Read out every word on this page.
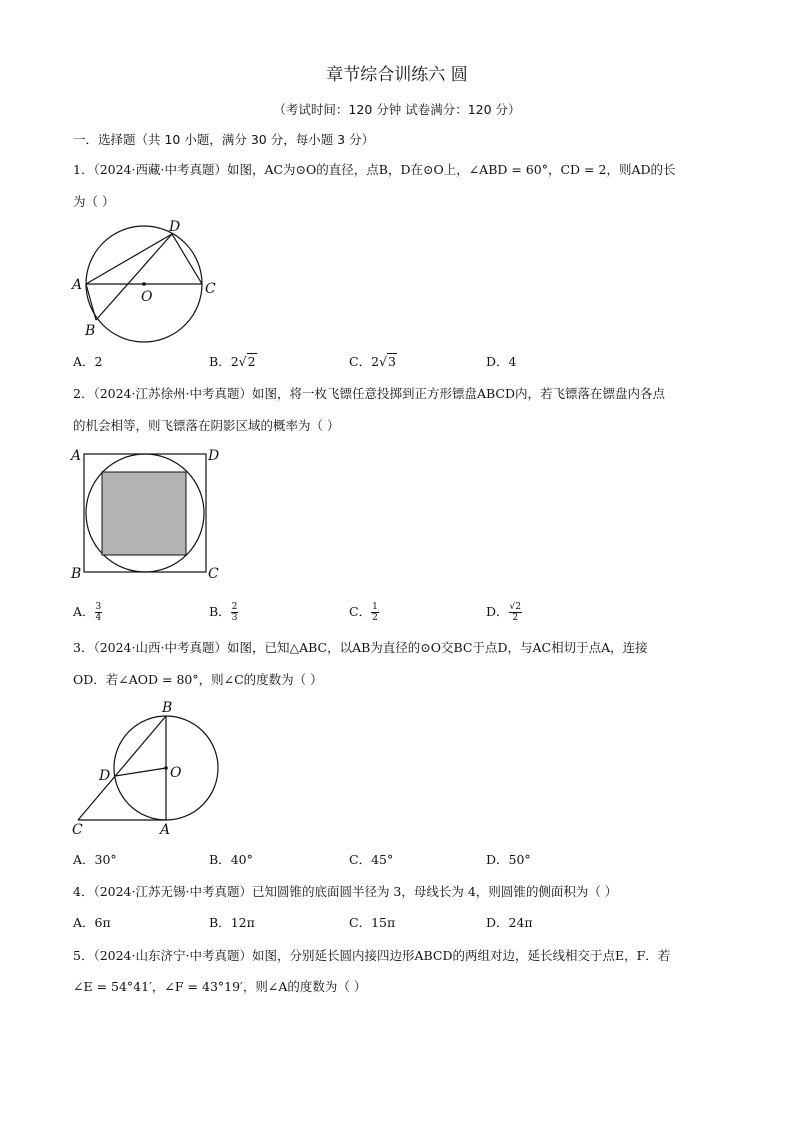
章节综合训练六 圆
（考试时间：120 分钟 试卷满分：120 分）
一．选择题（共 10 小题，满分 30 分，每小题 3 分）
1．（2024·西藏·中考真题）如图，AC为⊙O的直径，点B，D在⊙O上，∠ABD = 60°，CD = 2，则AD的长
为（ ）
A
B
C
D
O
A．2	B．2√2	C．2√3	D．4
2．（2024·江苏徐州·中考真题）如图，将一枚飞镖任意投掷到正方形镖盘ABCD内，若飞镖落在镖盘内各点
的机会相等，则飞镖落在阴影区域的概率为（ ）
A	D
B	C
A． $\frac{3}{4}$	B． $\frac{2}{3}$	C． $\frac{1}{2}$	D． $\frac{√2}{2}$
3．（2024·山西·中考真题）如图，已知△ABC，以AB为直径的⊙O交BC于点D，与AC相切于点A，连接
OD．若∠AOD = 80°，则∠C的度数为（ ）
B
D	O
C	A
A．30°	B．40°	C．45°	D．50°
4．（2024·江苏无锡·中考真题）已知圆锥的底面圆半径为 3，母线长为 4，则圆锥的侧面积为（ ）
A．6π	B．12π	C．15π	D．24π
5．（2024·山东济宁·中考真题）如图，分别延长圆内接四边形ABCD的两组对边，延长线相交于点E，F．若
∠E = 54°41′，∠F = 43°19′，则∠A的度数为（ ）
